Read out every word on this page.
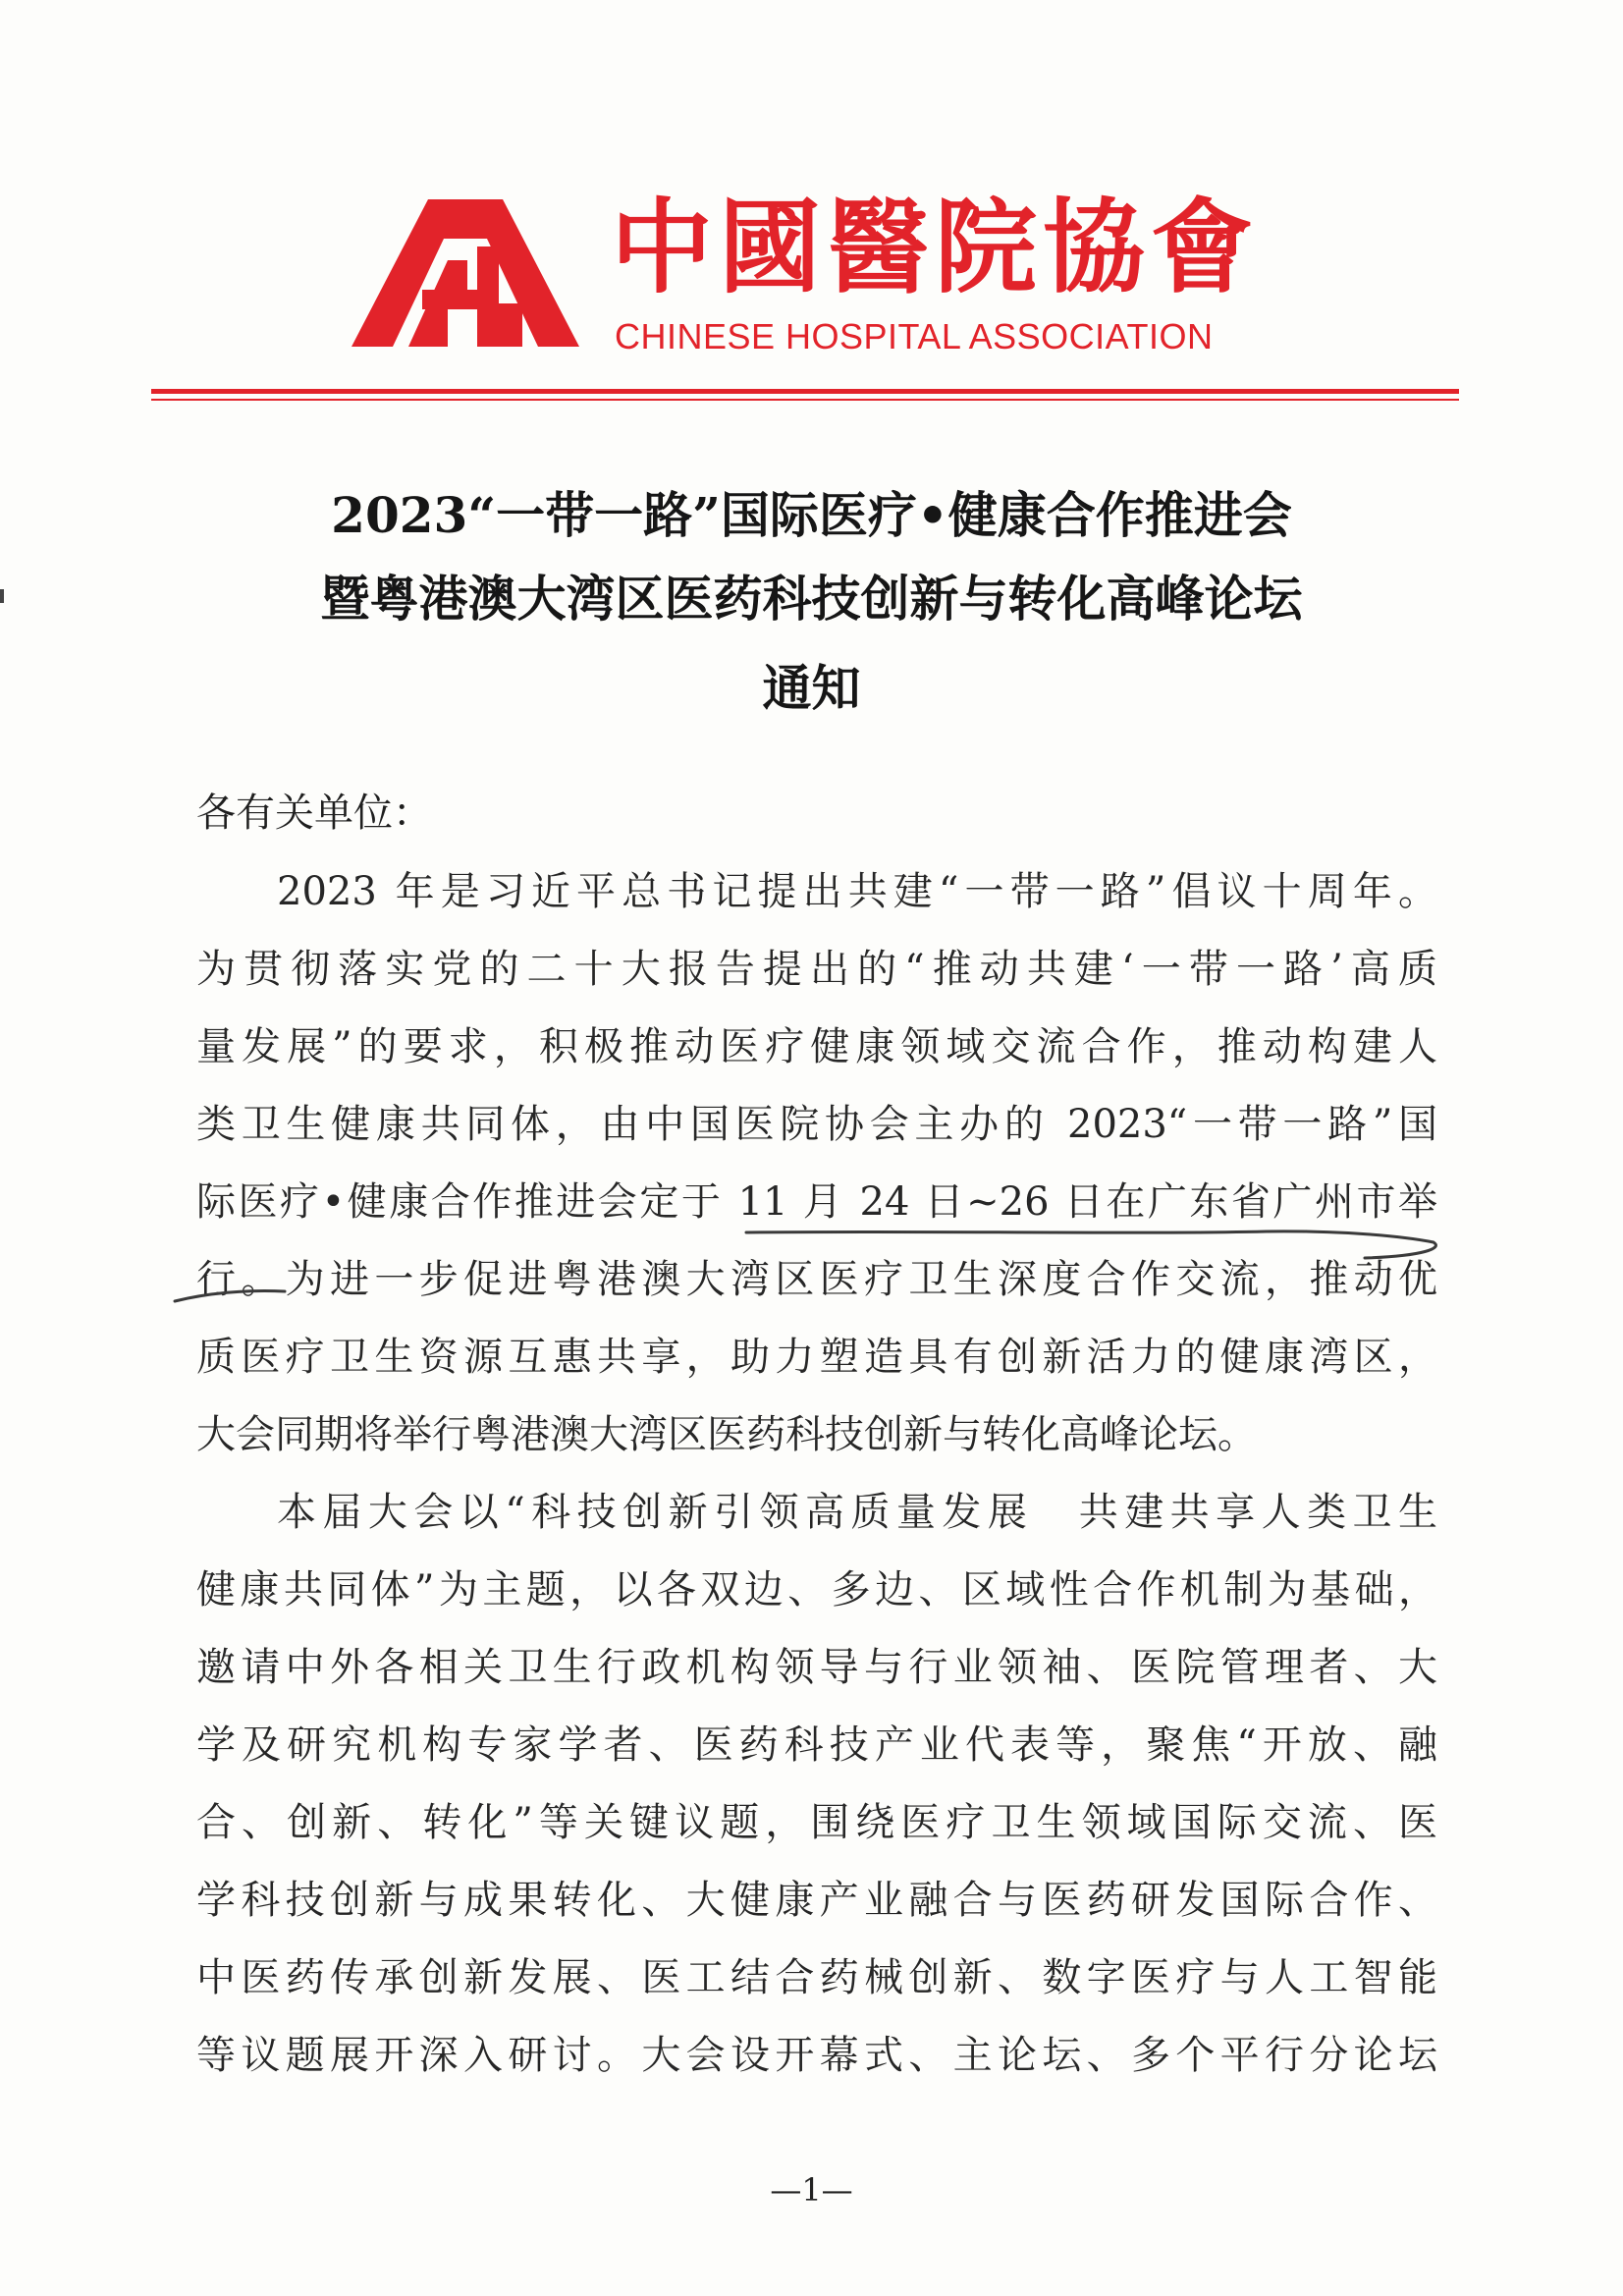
中國醫院協會
CHINESE HOSPITAL ASSOCIATION
2023“一带一路”国际医疗•健康合作推进会
暨粤港澳大湾区医药科技创新与转化高峰论坛
通知
各有关单位：
2023 年是习近平总书记提出共建“一带一路”倡议十周年。
为贯彻落实党的二十大报告提出的“推动共建‘一带一路’高质
量发展”的要求，积极推动医疗健康领域交流合作，推动构建人
类卫生健康共同体，由中国医院协会主办的 2023“一带一路”国
际医疗•健康合作推进会定于 11 月 24 日~26 日在广东省广州市举
行。为进一步促进粤港澳大湾区医疗卫生深度合作交流，推动优
质医疗卫生资源互惠共享，助力塑造具有创新活力的健康湾区，
大会同期将举行粤港澳大湾区医药科技创新与转化高峰论坛。
本届大会以“科技创新引领高质量发展　共建共享人类卫生
健康共同体”为主题，以各双边、多边、区域性合作机制为基础，
邀请中外各相关卫生行政机构领导与行业领袖、医院管理者、大
学及研究机构专家学者、医药科技产业代表等，聚焦“开放、融
合、创新、转化”等关键议题，围绕医疗卫生领域国际交流、医
学科技创新与成果转化、大健康产业融合与医药研发国际合作、
中医药传承创新发展、医工结合药械创新、数字医疗与人工智能
等议题展开深入研讨。大会设开幕式、主论坛、多个平行分论坛
—1—
